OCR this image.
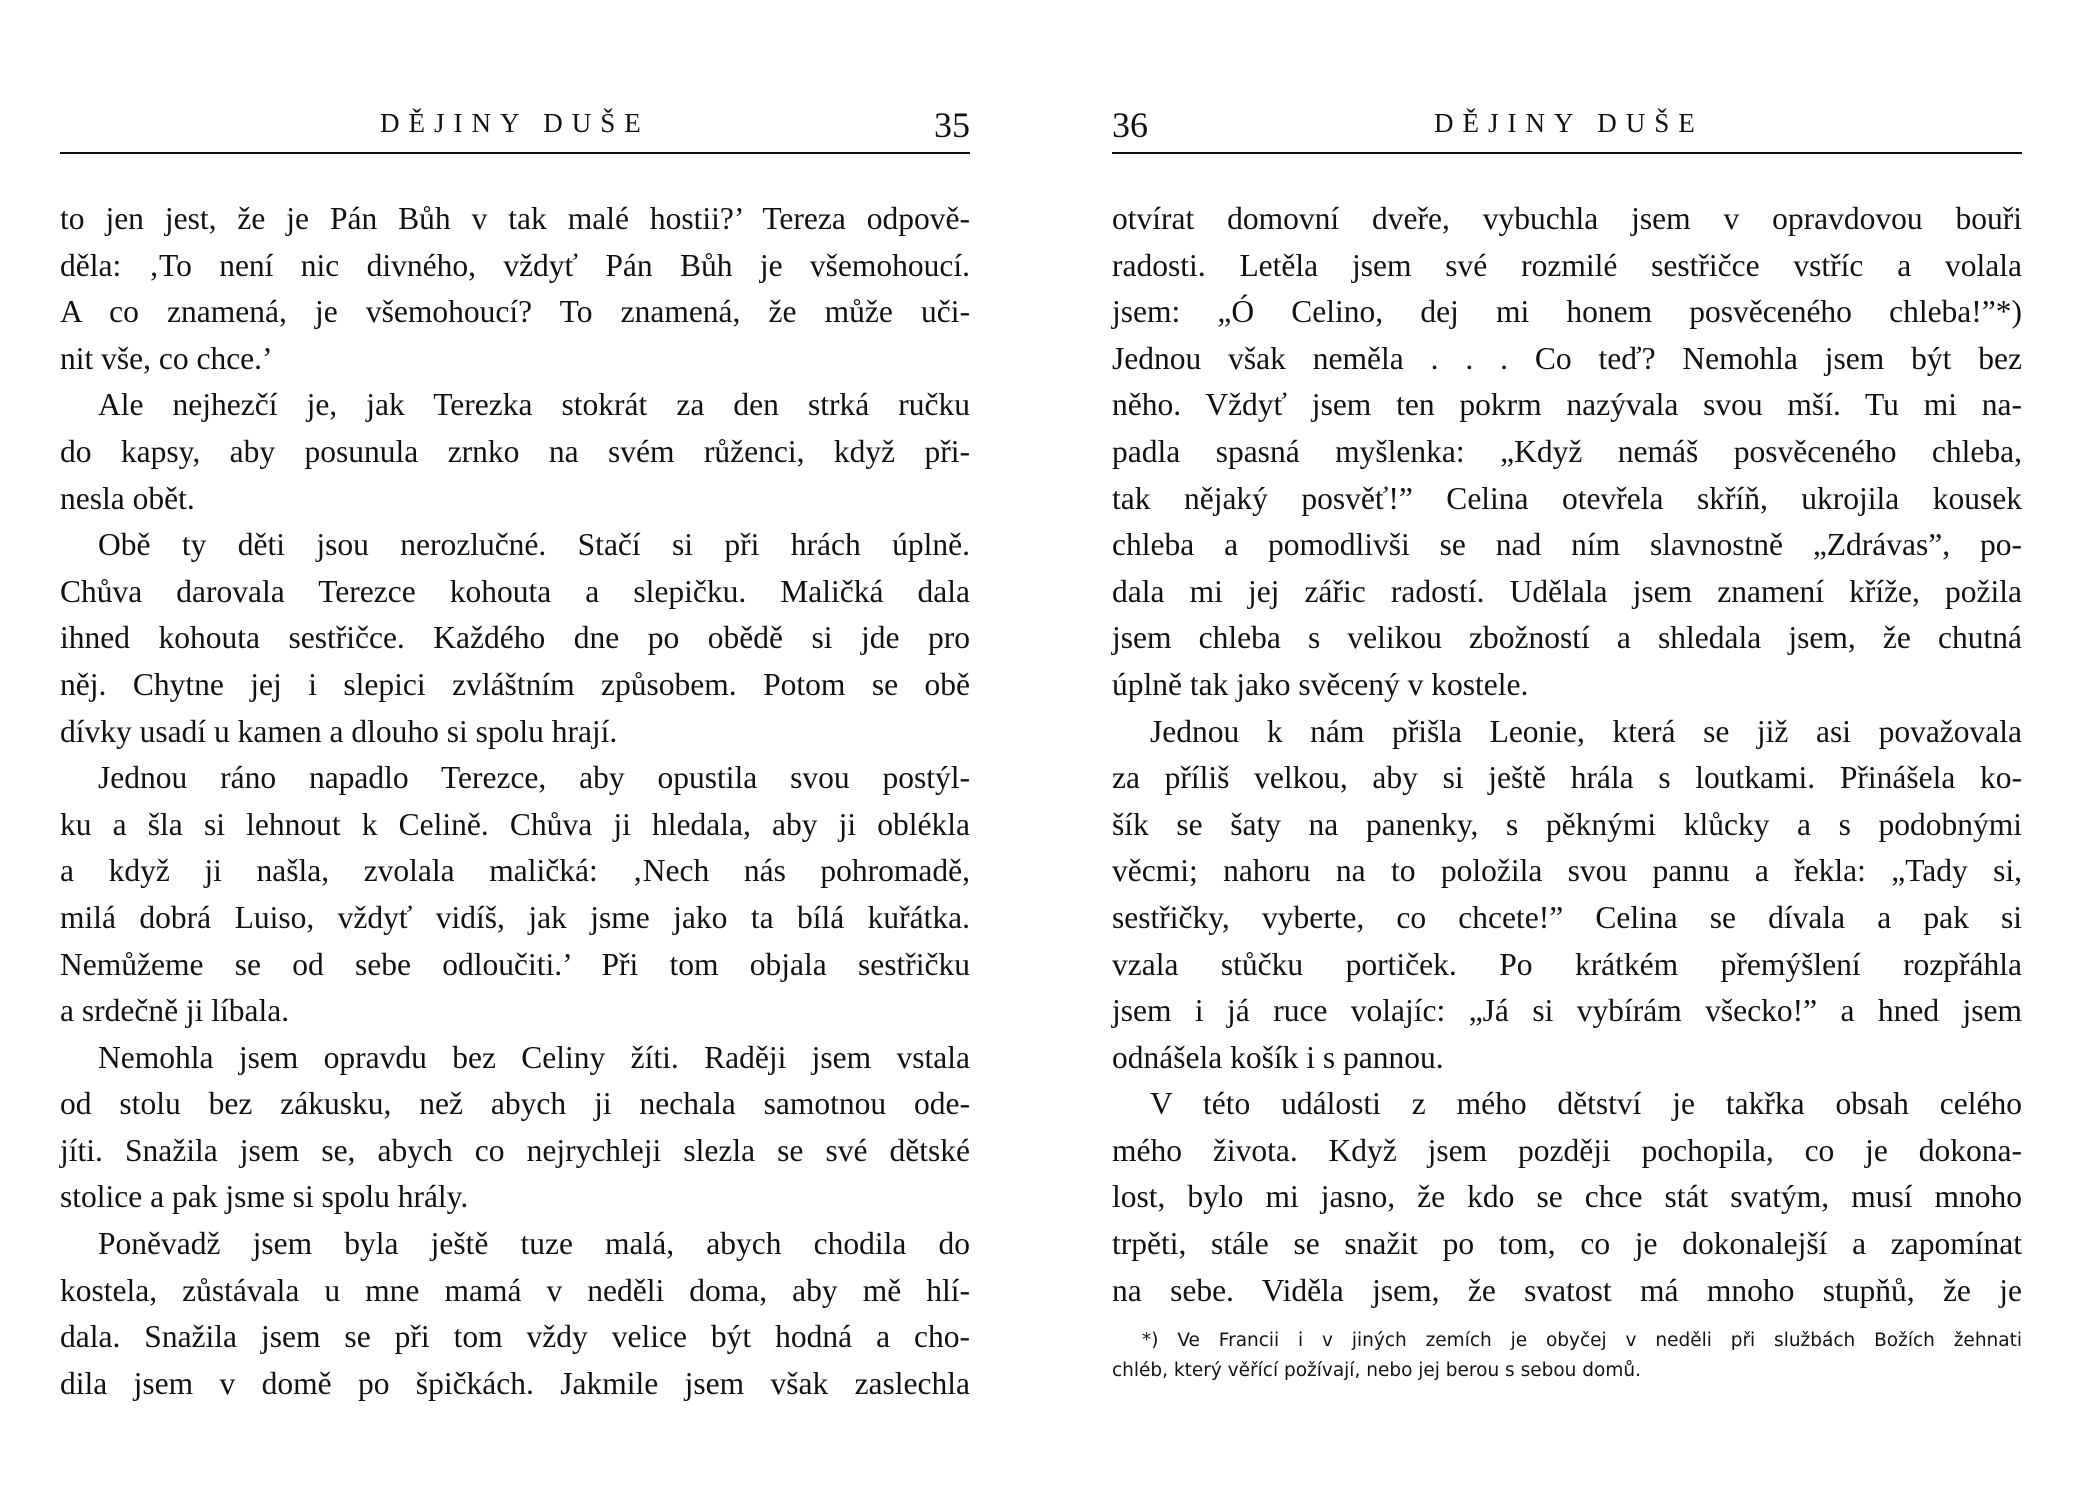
DĚJINY DUŠE	35
to jen jest, že je Pán Bůh v tak malé hostii?’ Tereza odpově-
děla: ‚To není nic divného, vždyť Pán Bůh je všemohoucí.
A co znamená, je všemohoucí? To znamená, že může uči-
nit vše, co chce.’
Ale nejhezčí je, jak Terezka stokrát za den strká ručku
do kapsy, aby posunula zrnko na svém růženci, když při-
nesla obět.
Obě ty děti jsou nerozlučné. Stačí si při hrách úplně.
Chůva darovala Terezce kohouta a slepičku. Maličká dala
ihned kohouta sestřičce. Každého dne po obědě si jde pro
něj. Chytne jej i slepici zvláštním způsobem. Potom se obě
dívky usadí u kamen a dlouho si spolu hrají.
Jednou ráno napadlo Terezce, aby opustila svou postýl-
ku a šla si lehnout k Celině. Chůva ji hledala, aby ji oblékla
a když ji našla, zvolala maličká: ‚Nech nás pohromadě,
milá dobrá Luiso, vždyť vidíš, jak jsme jako ta bílá kuřátka.
Nemůžeme se od sebe odloučiti.’ Při tom objala sestřičku
a srdečně ji líbala.
Nemohla jsem opravdu bez Celiny žíti. Raději jsem vstala
od stolu bez zákusku, než abych ji nechala samotnou ode-
jíti. Snažila jsem se, abych co nejrychleji slezla se své dětské
stolice a pak jsme si spolu hrály.
Poněvadž jsem byla ještě tuze malá, abych chodila do
kostela, zůstávala u mne mamá v neděli doma, aby mě hlí-
dala. Snažila jsem se při tom vždy velice být hodná a cho-
dila jsem v domě po špičkách. Jakmile jsem však zaslechla
36	DĚJINY DUŠE
otvírat domovní dveře, vybuchla jsem v opravdovou bouři
radosti. Letěla jsem své rozmilé sestřičce vstříc a volala
jsem: „Ó Celino, dej mi honem posvěceného chleba!”*)
Jednou však neměla . . . Co teď? Nemohla jsem být bez
něho. Vždyť jsem ten pokrm nazývala svou mší. Tu mi na-
padla spasná myšlenka: „Když nemáš posvěceného chleba,
tak nějaký posvěť!” Celina otevřela skříň, ukrojila kousek
chleba a pomodlivši se nad ním slavnostně „Zdrávas”, po-
dala mi jej zářic radostí. Udělala jsem znamení kříže, požila
jsem chleba s velikou zbožností a shledala jsem, že chutná
úplně tak jako svěcený v kostele.
Jednou k nám přišla Leonie, která se již asi považovala
za příliš velkou, aby si ještě hrála s loutkami. Přinášela ko-
šík se šaty na panenky, s pěknými klůcky a s podobnými
věcmi; nahoru na to položila svou pannu a řekla: „Tady si,
sestřičky, vyberte, co chcete!” Celina se dívala a pak si
vzala stůčku portiček. Po krátkém přemýšlení rozpřáhla
jsem i já ruce volajíc: „Já si vybírám všecko!” a hned jsem
odnášela košík i s pannou.
V této události z mého dětství je takřka obsah celého
mého života. Když jsem později pochopila, co je dokona-
lost, bylo mi jasno, že kdo se chce stát svatým, musí mnoho
trpěti, stále se snažit po tom, co je dokonalejší a zapomínat
na sebe. Viděla jsem, že svatost má mnoho stupňů, že je
*) Ve Francii i v jiných zemích je obyčej v neděli při službách Božích žehnati
chléb, který věřící požívají, nebo jej berou s sebou domů.
